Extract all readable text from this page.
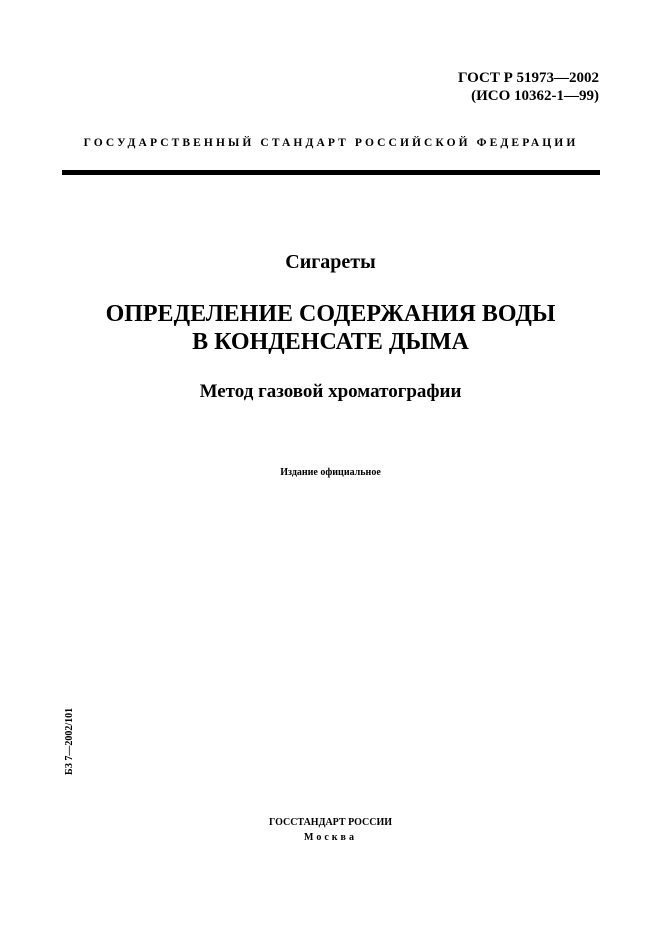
ГОСТ Р 51973—2002
(ИСО 10362-1—99)
ГОСУДАРСТВЕННЫЙ СТАНДАРТ РОССИЙСКОЙ ФЕДЕРАЦИИ
Сигареты
ОПРЕДЕЛЕНИЕ СОДЕРЖАНИЯ ВОДЫ
В КОНДЕНСАТЕ ДЫМА
Метод газовой хроматографии
Издание официальное
БЗ 7—2002/101
ГОССТАНДАРТ РОССИИ
Москва
